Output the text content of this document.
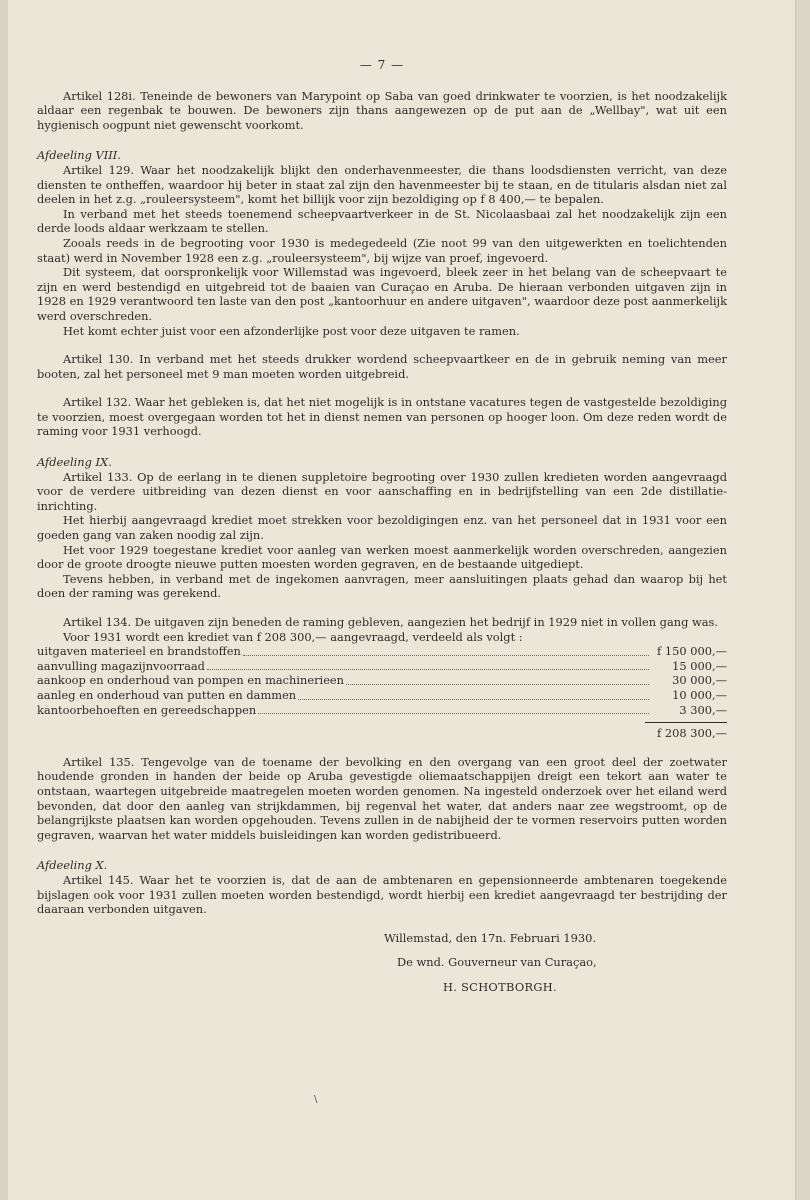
— 7 —

Artikel 128i. Teneinde de bewoners van Marypoint op Saba van goed drinkwater te voorzien, is het noodzakelijk aldaar een regenbak te bouwen. De bewoners zijn thans aangewezen op de put aan de „Wellbay", wat uit een hygienisch oogpunt niet gewenscht voorkomt.

Afdeeling VIII.

Artikel 129. Waar het noodzakelijk blijkt den onderhavenmeester, die thans loodsdiensten verricht, van deze diensten te ontheffen, waardoor hij beter in staat zal zijn den havenmeester bij te staan, en de titularis alsdan niet zal deelen in het z.g. „rouleersysteem", komt het billijk voor zijn bezoldiging op f 8 400,— te bepalen.

In verband met het steeds toenemend scheepvaartverkeer in de St. Nicolaasbaai zal het noodzakelijk zijn een derde loods aldaar werkzaam te stellen.

Zooals reeds in de begrooting voor 1930 is medegedeeld (Zie noot 99 van den uitgewerkten en toelichtenden staat) werd in November 1928 een z.g. „rouleersysteem", bij wijze van proef, ingevoerd.

Dit systeem, dat oorspronkelijk voor Willemstad was ingevoerd, bleek zeer in het belang van de scheepvaart te zijn en werd bestendigd en uitgebreid tot de baaien van Curaçao en Aruba. De hieraan verbonden uitgaven zijn in 1928 en 1929 verantwoord ten laste van den post „kantoorhuur en andere uitgaven", waardoor deze post aanmerkelijk werd overschreden.

Het komt echter juist voor een afzonderlijke post voor deze uitgaven te ramen.

Artikel 130. In verband met het steeds drukker wordend scheepvaartkeer en de in gebruik neming van meer booten, zal het personeel met 9 man moeten worden uitgebreid.

Artikel 132. Waar het gebleken is, dat het niet mogelijk is in ontstane vacatures tegen de vastgestelde bezoldiging te voorzien, moest overgegaan worden tot het in dienst nemen van personen op hooger loon. Om deze reden wordt de raming voor 1931 verhoogd.

Afdeeling IX.

Artikel 133. Op de eerlang in te dienen suppletoire begrooting over 1930 zullen kredieten worden aangevraagd voor de verdere uitbreiding van dezen dienst en voor aanschaffing en in bedrijfstelling van een 2de distillatie-inrichting.

Het hierbij aangevraagd krediet moet strekken voor bezoldigingen enz. van het personeel dat in 1931 voor een goeden gang van zaken noodig zal zijn.

Het voor 1929 toegestane krediet voor aanleg van werken moest aanmerkelijk worden overschreden, aangezien door de groote droogte nieuwe putten moesten worden gegraven, en de bestaande uitgediept.

Tevens hebben, in verband met de ingekomen aanvragen, meer aansluitingen plaats gehad dan waarop bij het doen der raming was gerekend.

Artikel 134. De uitgaven zijn beneden de raming gebleven, aangezien het bedrijf in 1929 niet in vollen gang was.

Voor 1931 wordt een krediet van f 208 300,— aangevraagd, verdeeld als volgt :

uitgaven materieel en brandstoffen	f 150 000,—
aanvulling magazijnvoorraad	15 000,—
aankoop en onderhoud van pompen en machinerieen	30 000,—
aanleg en onderhoud van putten en dammen	10 000,—
kantoorbehoeften en gereedschappen	3 300,—
f 208 300,—

Artikel 135. Tengevolge van de toename der bevolking en den overgang van een groot deel der zoetwater houdende gronden in handen der beide op Aruba gevestigde oliemaatschappijen dreigt een tekort aan water te ontstaan, waartegen uitgebreide maatregelen moeten worden genomen. Na ingesteld onderzoek over het eiland werd bevonden, dat door den aanleg van strijkdammen, bij regenval het water, dat anders naar zee wegstroomt, op de belangrijkste plaatsen kan worden opgehouden. Tevens zullen in de nabijheid der te vormen reservoirs putten worden gegraven, waarvan het water middels buisleidingen kan worden gedistribueerd.

Afdeeling X.

Artikel 145. Waar het te voorzien is, dat de aan de ambtenaren en gepensionneerde ambtenaren toegekende bijslagen ook voor 1931 zullen moeten worden bestendigd, wordt hierbij een krediet aangevraagd ter bestrijding der daaraan verbonden uitgaven.

Willemstad, den 17n. Februari 1930.
De wnd. Gouverneur van Curaçao,
H. SCHOTBORGH.
\
